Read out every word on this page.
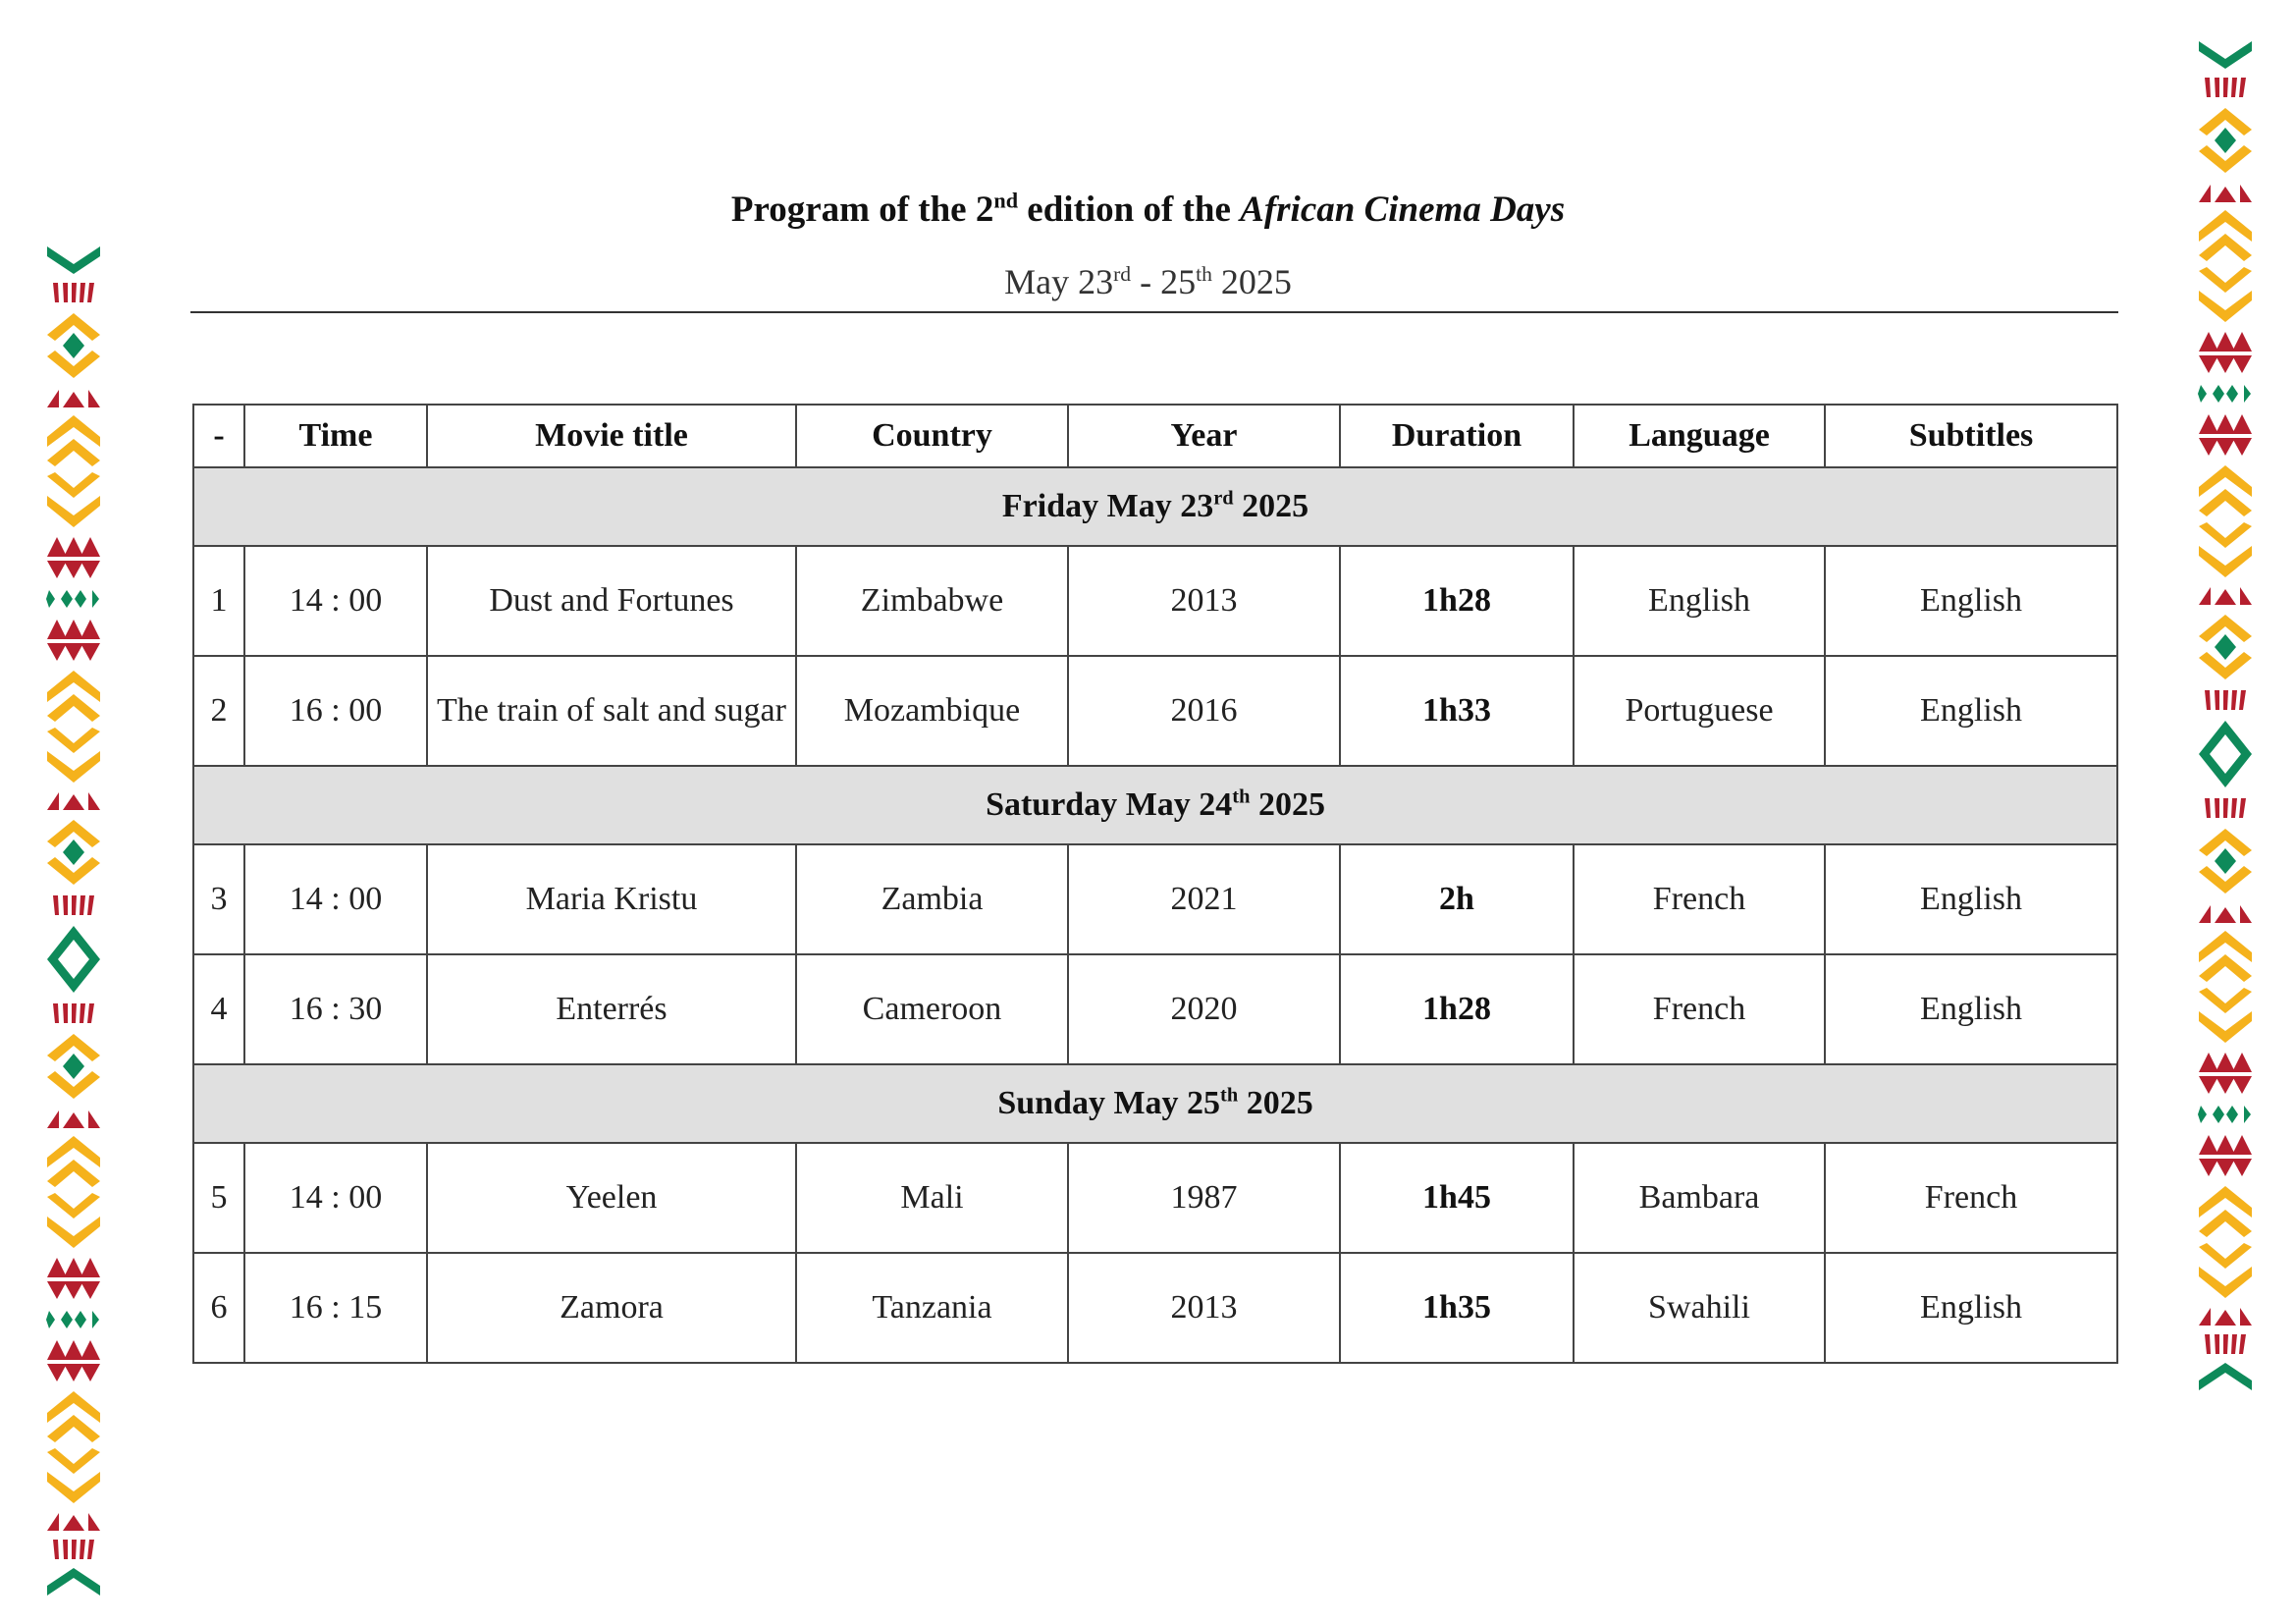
Program of the 2nd edition of the African Cinema Days
May 23rd - 25th 2025
-	Time	Movie title	Country	Year	Duration	Language	Subtitles
Friday May 23rd 2025							
1	14 : 00	Dust and Fortunes	Zimbabwe	2013	1h28	English	English
2	16 : 00	The train of salt and sugar	Mozambique	2016	1h33	Portuguese	English
Saturday May 24th 2025							
3	14 : 00	Maria Kristu	Zambia	2021	2h	French	English
4	16 : 30	Enterrés	Cameroon	2020	1h28	French	English
Sunday May 25th 2025							
5	14 : 00	Yeelen	Mali	1987	1h45	Bambara	French
6	16 : 15	Zamora	Tanzania	2013	1h35	Swahili	English
